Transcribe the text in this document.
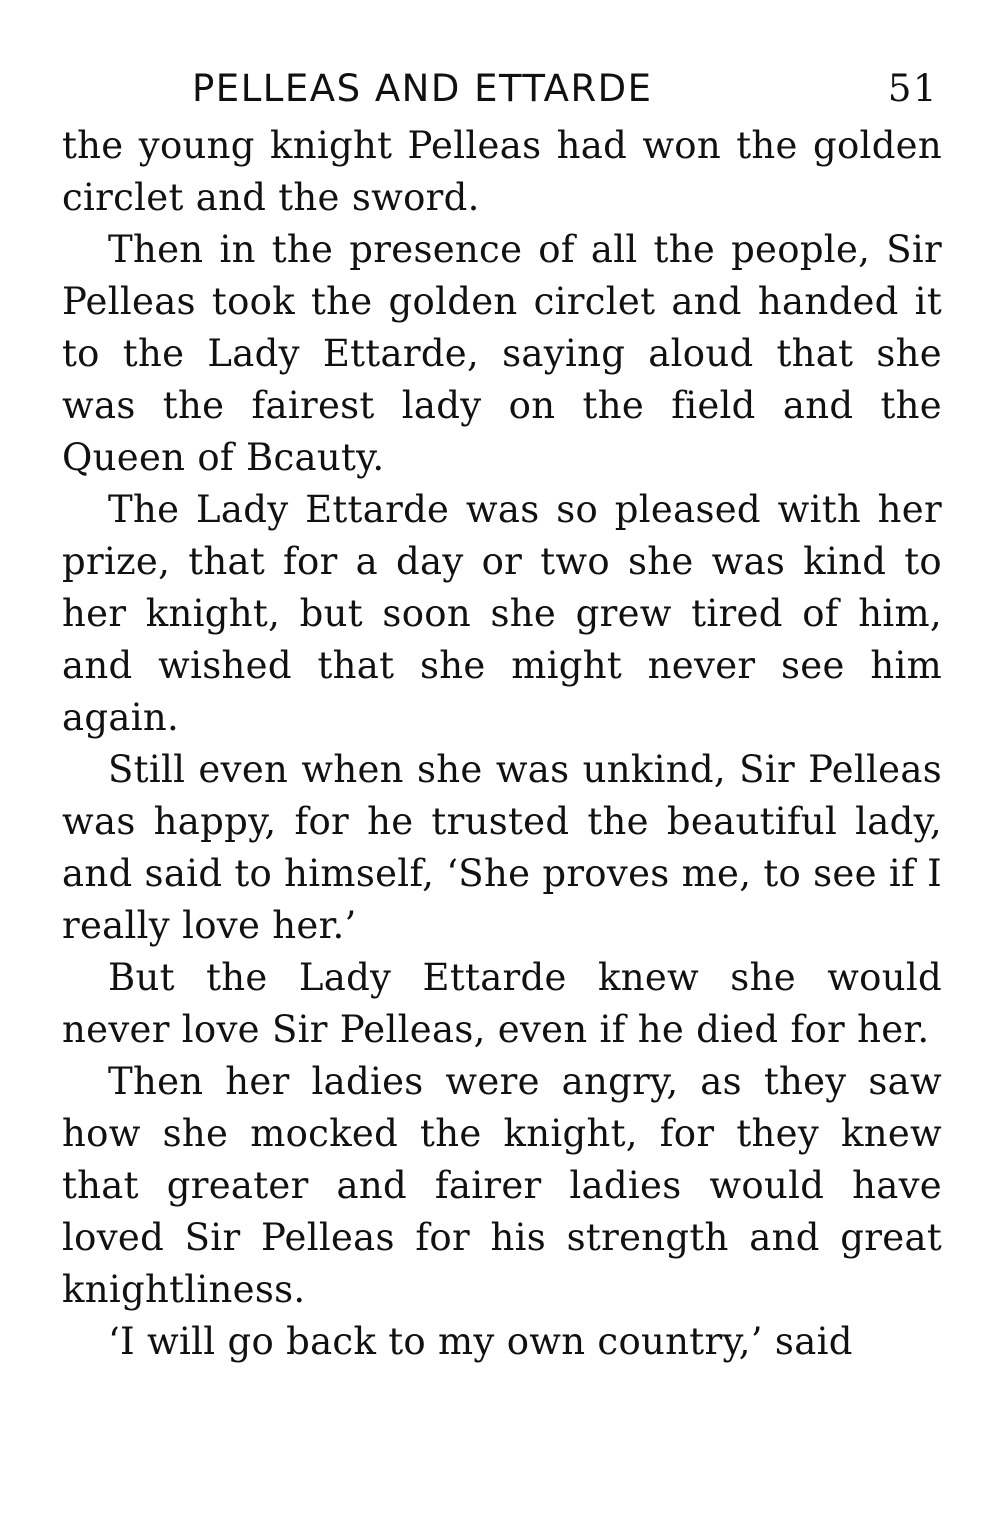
PELLEAS AND ETTARDE	51

the young knight Pelleas had won the golden circlet and the sword.

Then in the presence of all the people, Sir Pelleas took the golden circlet and handed it to the Lady Ettarde, saying aloud that she was the fairest lady on the field and the Queen of Bcauty.

The Lady Ettarde was so pleased with her prize, that for a day or two she was kind to her knight, but soon she grew tired of him, and wished that she might never see him again.

Still even when she was unkind, Sir Pelleas was happy, for he trusted the beautiful lady, and said to himself, ‘She proves me, to see if I really love her.’

But the Lady Ettarde knew she would never love Sir Pelleas, even if he died for her.

Then her ladies were angry, as they saw how she mocked the knight, for they knew that greater and fairer ladies would have loved Sir Pelleas for his strength and great knightliness.

‘I will go back to my own country,’ said
